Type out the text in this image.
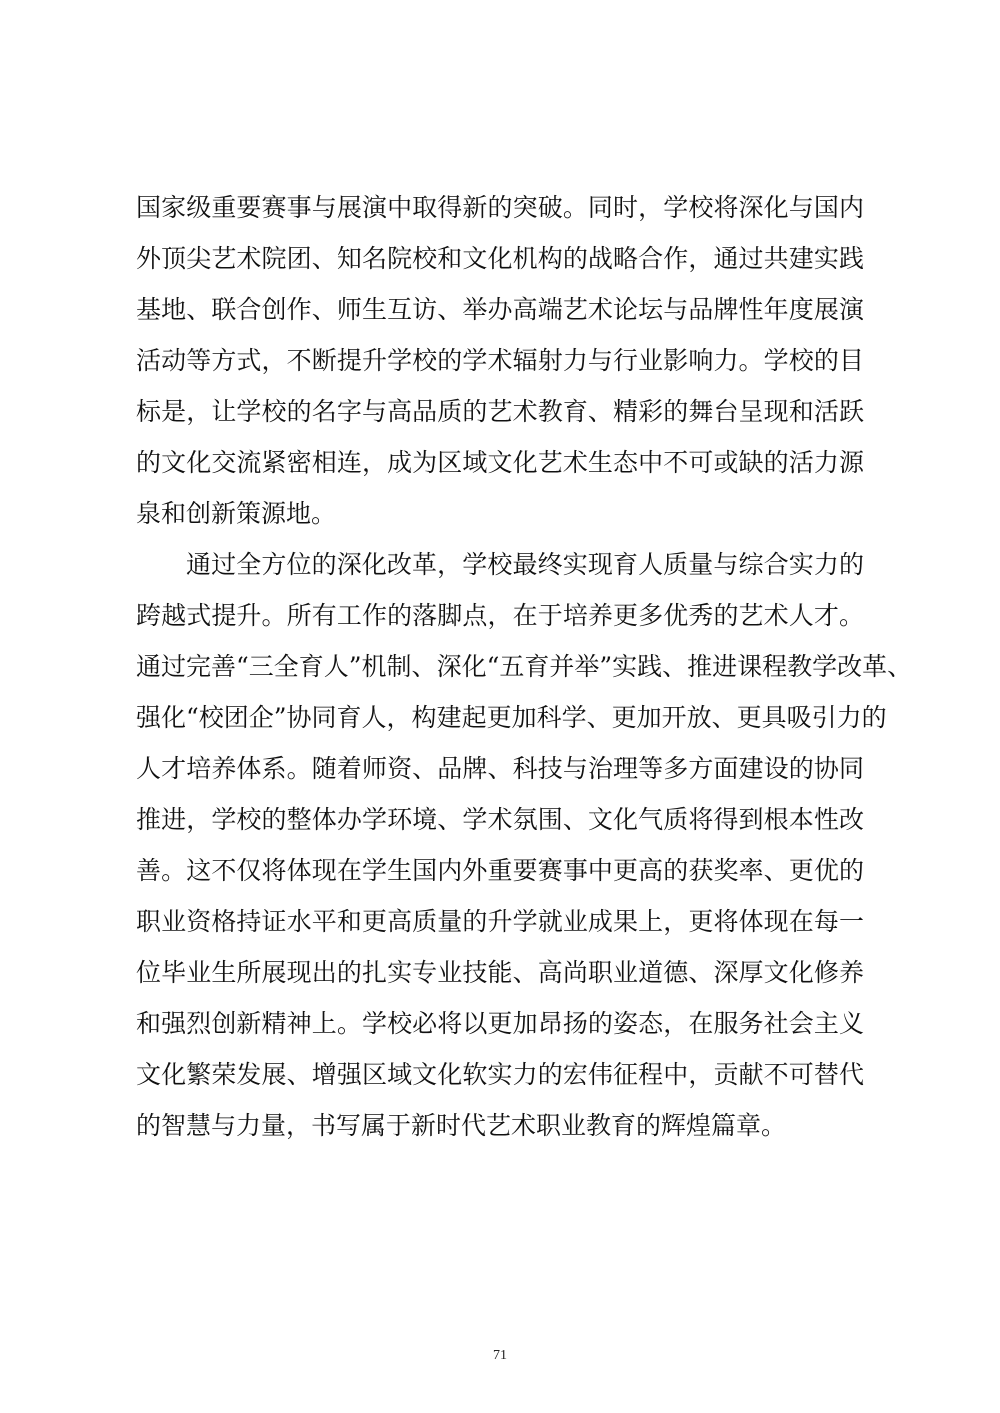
国家级重要赛事与展演中取得新的突破。同时，学校将深化与国内
外顶尖艺术院团、知名院校和文化机构的战略合作，通过共建实践
基地、联合创作、师生互访、举办高端艺术论坛与品牌性年度展演
活动等方式，不断提升学校的学术辐射力与行业影响力。学校的目
标是，让学校的名字与高品质的艺术教育、精彩的舞台呈现和活跃
的文化交流紧密相连，成为区域文化艺术生态中不可或缺的活力源
泉和创新策源地。
通过全方位的深化改革，学校最终实现育人质量与综合实力的
跨越式提升。所有工作的落脚点，在于培养更多优秀的艺术人才。
通过完善“三全育人”机制、深化“五育并举”实践、推进课程教学改革、
强化“校团企”协同育人，构建起更加科学、更加开放、更具吸引力的
人才培养体系。随着师资、品牌、科技与治理等多方面建设的协同
推进，学校的整体办学环境、学术氛围、文化气质将得到根本性改
善。这不仅将体现在学生国内外重要赛事中更高的获奖率、更优的
职业资格持证水平和更高质量的升学就业成果上，更将体现在每一
位毕业生所展现出的扎实专业技能、高尚职业道德、深厚文化修养
和强烈创新精神上。学校必将以更加昂扬的姿态，在服务社会主义
文化繁荣发展、增强区域文化软实力的宏伟征程中，贡献不可替代
的智慧与力量，书写属于新时代艺术职业教育的辉煌篇章。
71
